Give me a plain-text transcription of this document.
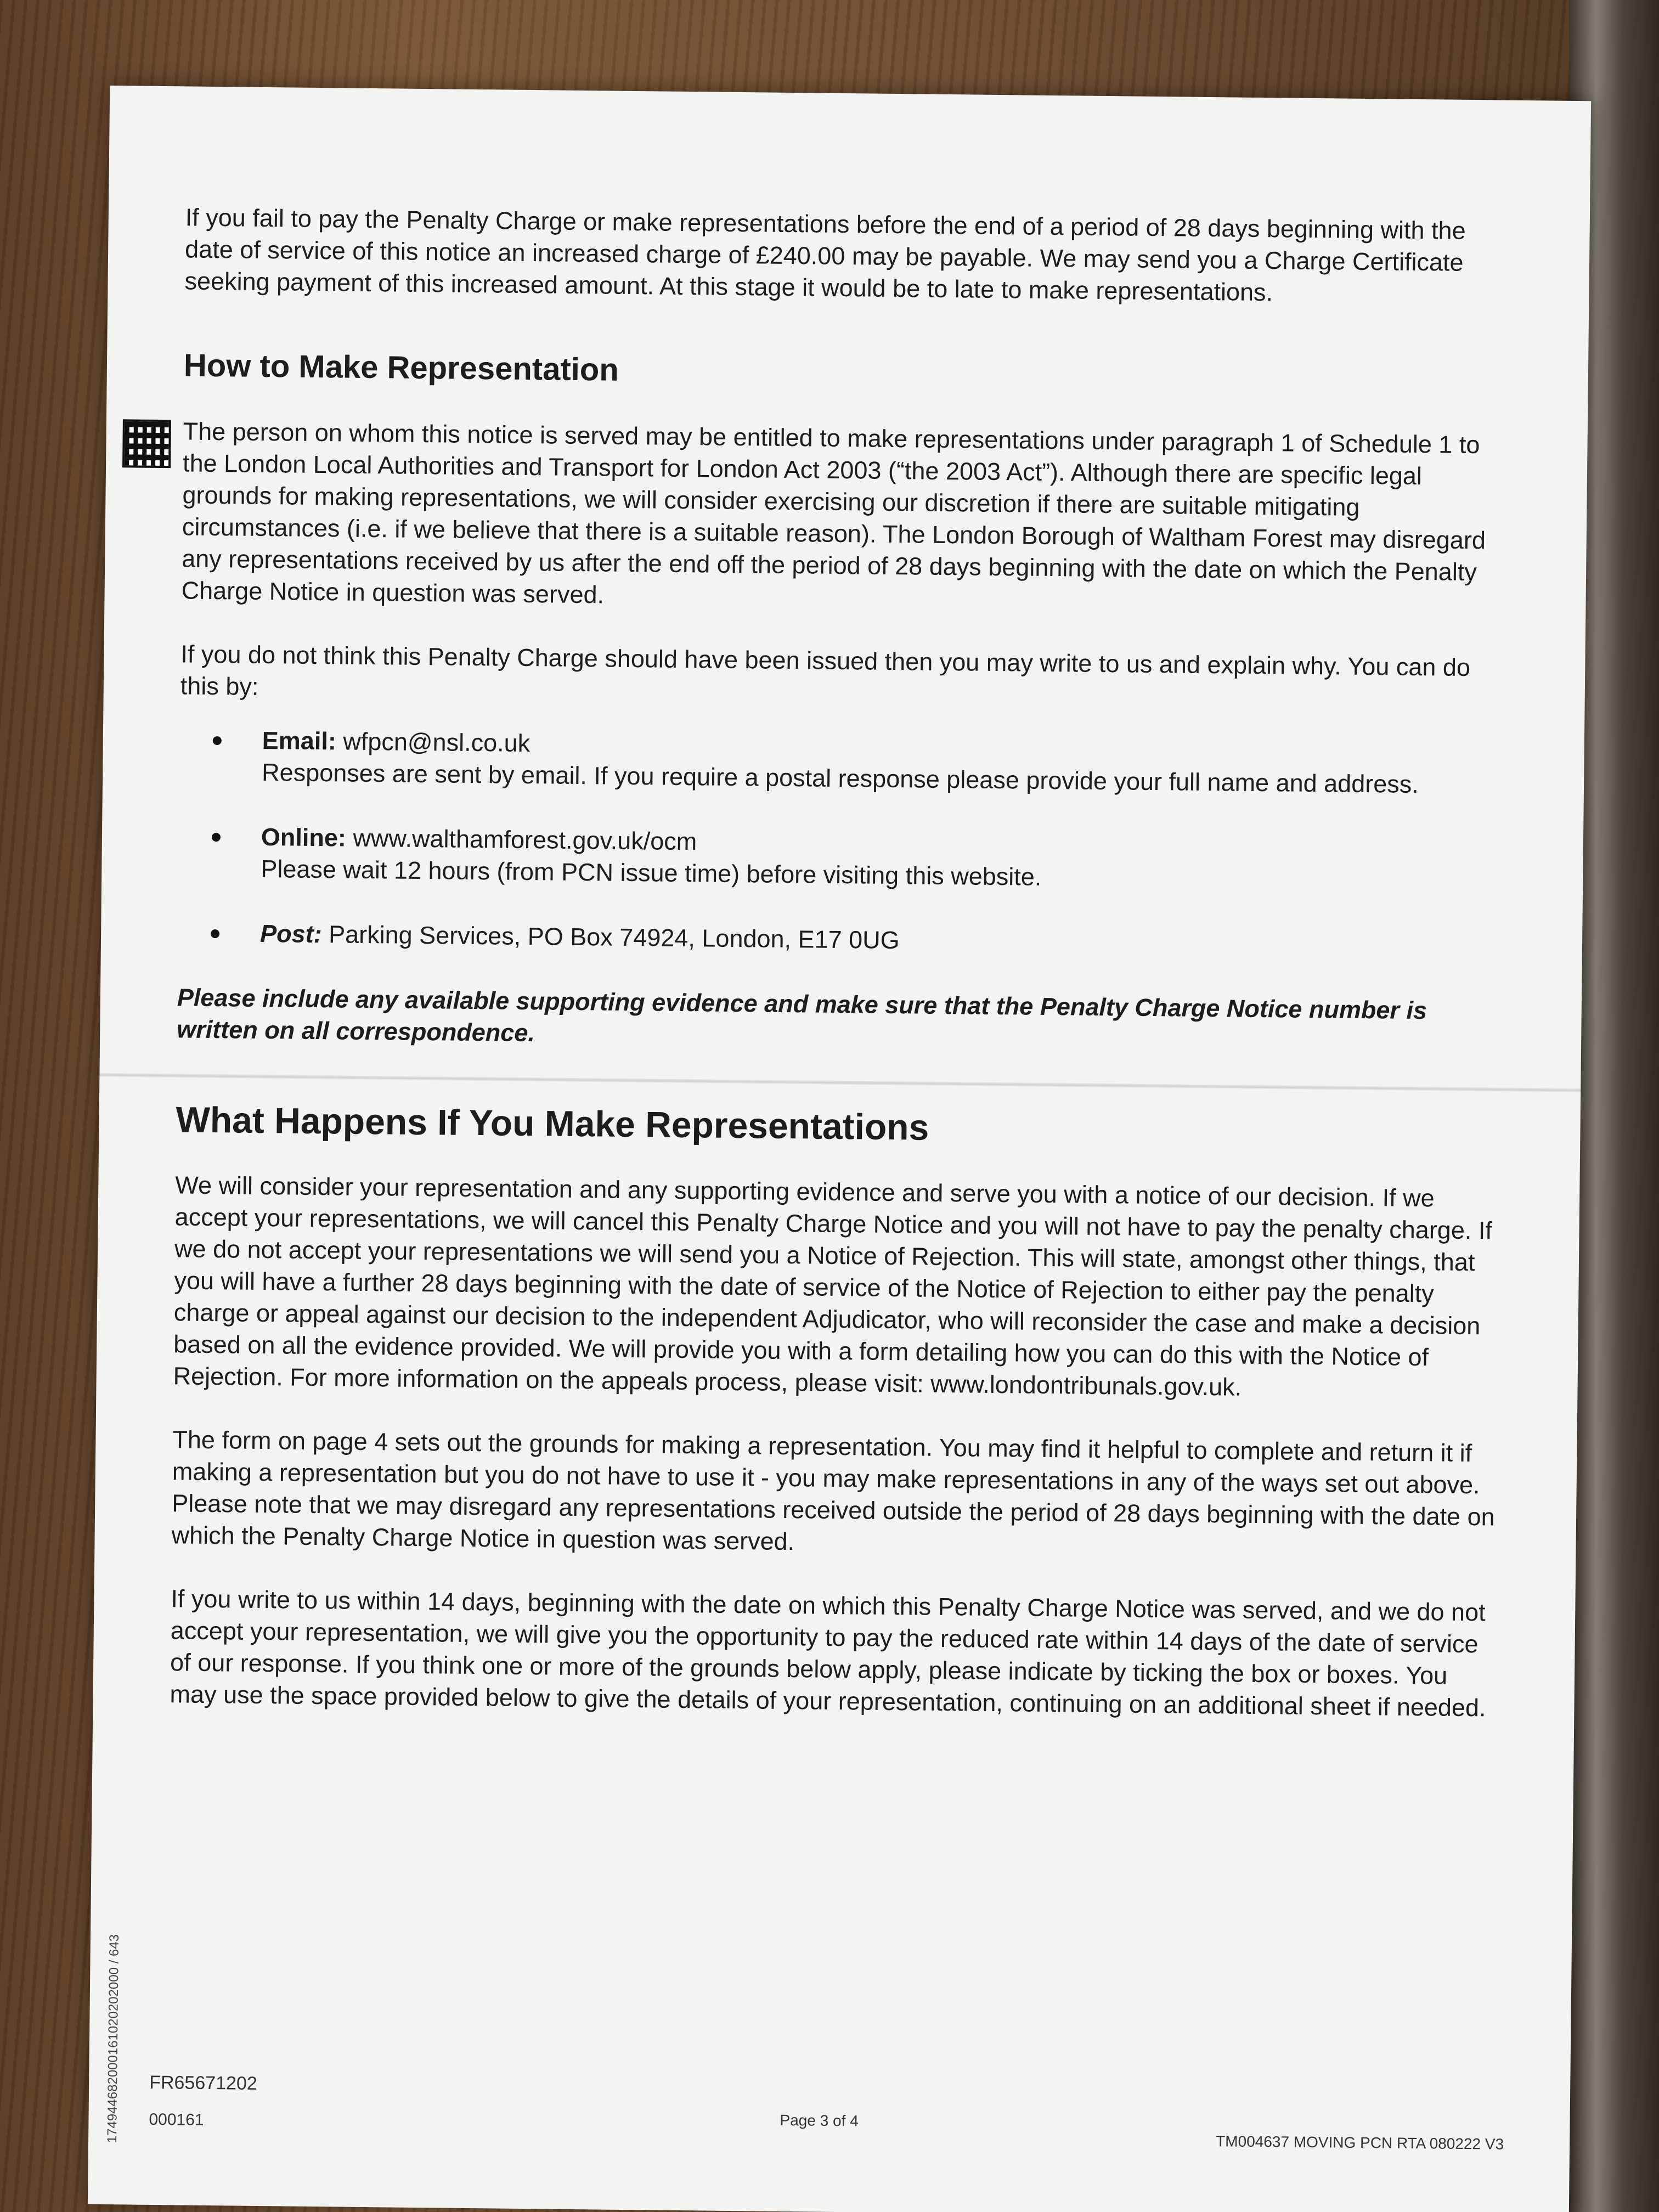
If you fail to pay the Penalty Charge or make representations before the end of a period of 28 days beginning with the date of service of this notice an increased charge of £240.00 may be payable. We may send you a Charge Certificate seeking payment of this increased amount. At this stage it would be to late to make representations.

How to Make Representation

The person on whom this notice is served may be entitled to make representations under paragraph 1 of Schedule 1 to the London Local Authorities and Transport for London Act 2003 (“the 2003 Act”). Although there are specific legal grounds for making representations, we will consider exercising our discretion if there are suitable mitigating circumstances (i.e. if we believe that there is a suitable reason). The London Borough of Waltham Forest may disregard any representations received by us after the end off the period of 28 days beginning with the date on which the Penalty Charge Notice in question was served.

If you do not think this Penalty Charge should have been issued then you may write to us and explain why. You can do this by:

Email: wfpcn@nsl.co.uk
Responses are sent by email. If you require a postal response please provide your full name and address.
Online: www.walthamforest.gov.uk/ocm
Please wait 12 hours (from PCN issue time) before visiting this website.
Post: Parking Services, PO Box 74924, London, E17 0UG

Please include any available supporting evidence and make sure that the Penalty Charge Notice number is written on all correspondence.

What Happens If You Make Representations

We will consider your representation and any supporting evidence and serve you with a notice of our decision. If we accept your representations, we will cancel this Penalty Charge Notice and you will not have to pay the penalty charge. If we do not accept your representations we will send you a Notice of Rejection. This will state, amongst other things, that you will have a further 28 days beginning with the date of service of the Notice of Rejection to either pay the penalty charge or appeal against our decision to the independent Adjudicator, who will reconsider the case and make a decision based on all the evidence provided. We will provide you with a form detailing how you can do this with the Notice of Rejection. For more information on the appeals process, please visit: www.londontribunals.gov.uk.

The form on page 4 sets out the grounds for making a representation. You may find it helpful to complete and return it if making a representation but you do not have to use it - you may make representations in any of the ways set out above. Please note that we may disregard any representations received outside the period of 28 days beginning with the date on which the Penalty Charge Notice in question was served.

If you write to us within 14 days, beginning with the date on which this Penalty Charge Notice was served, and we do not accept your representation, we will give you the opportunity to pay the reduced rate within 14 days of the date of service of our response. If you think one or more of the grounds below apply, please indicate by ticking the box or boxes. You may use the space provided below to give the details of your representation, continuing on an additional sheet if needed.

174944682000161020202000 / 643	FR65671202
000161	Page 3 of 4
TM004637 MOVING PCN RTA 080222 V3
